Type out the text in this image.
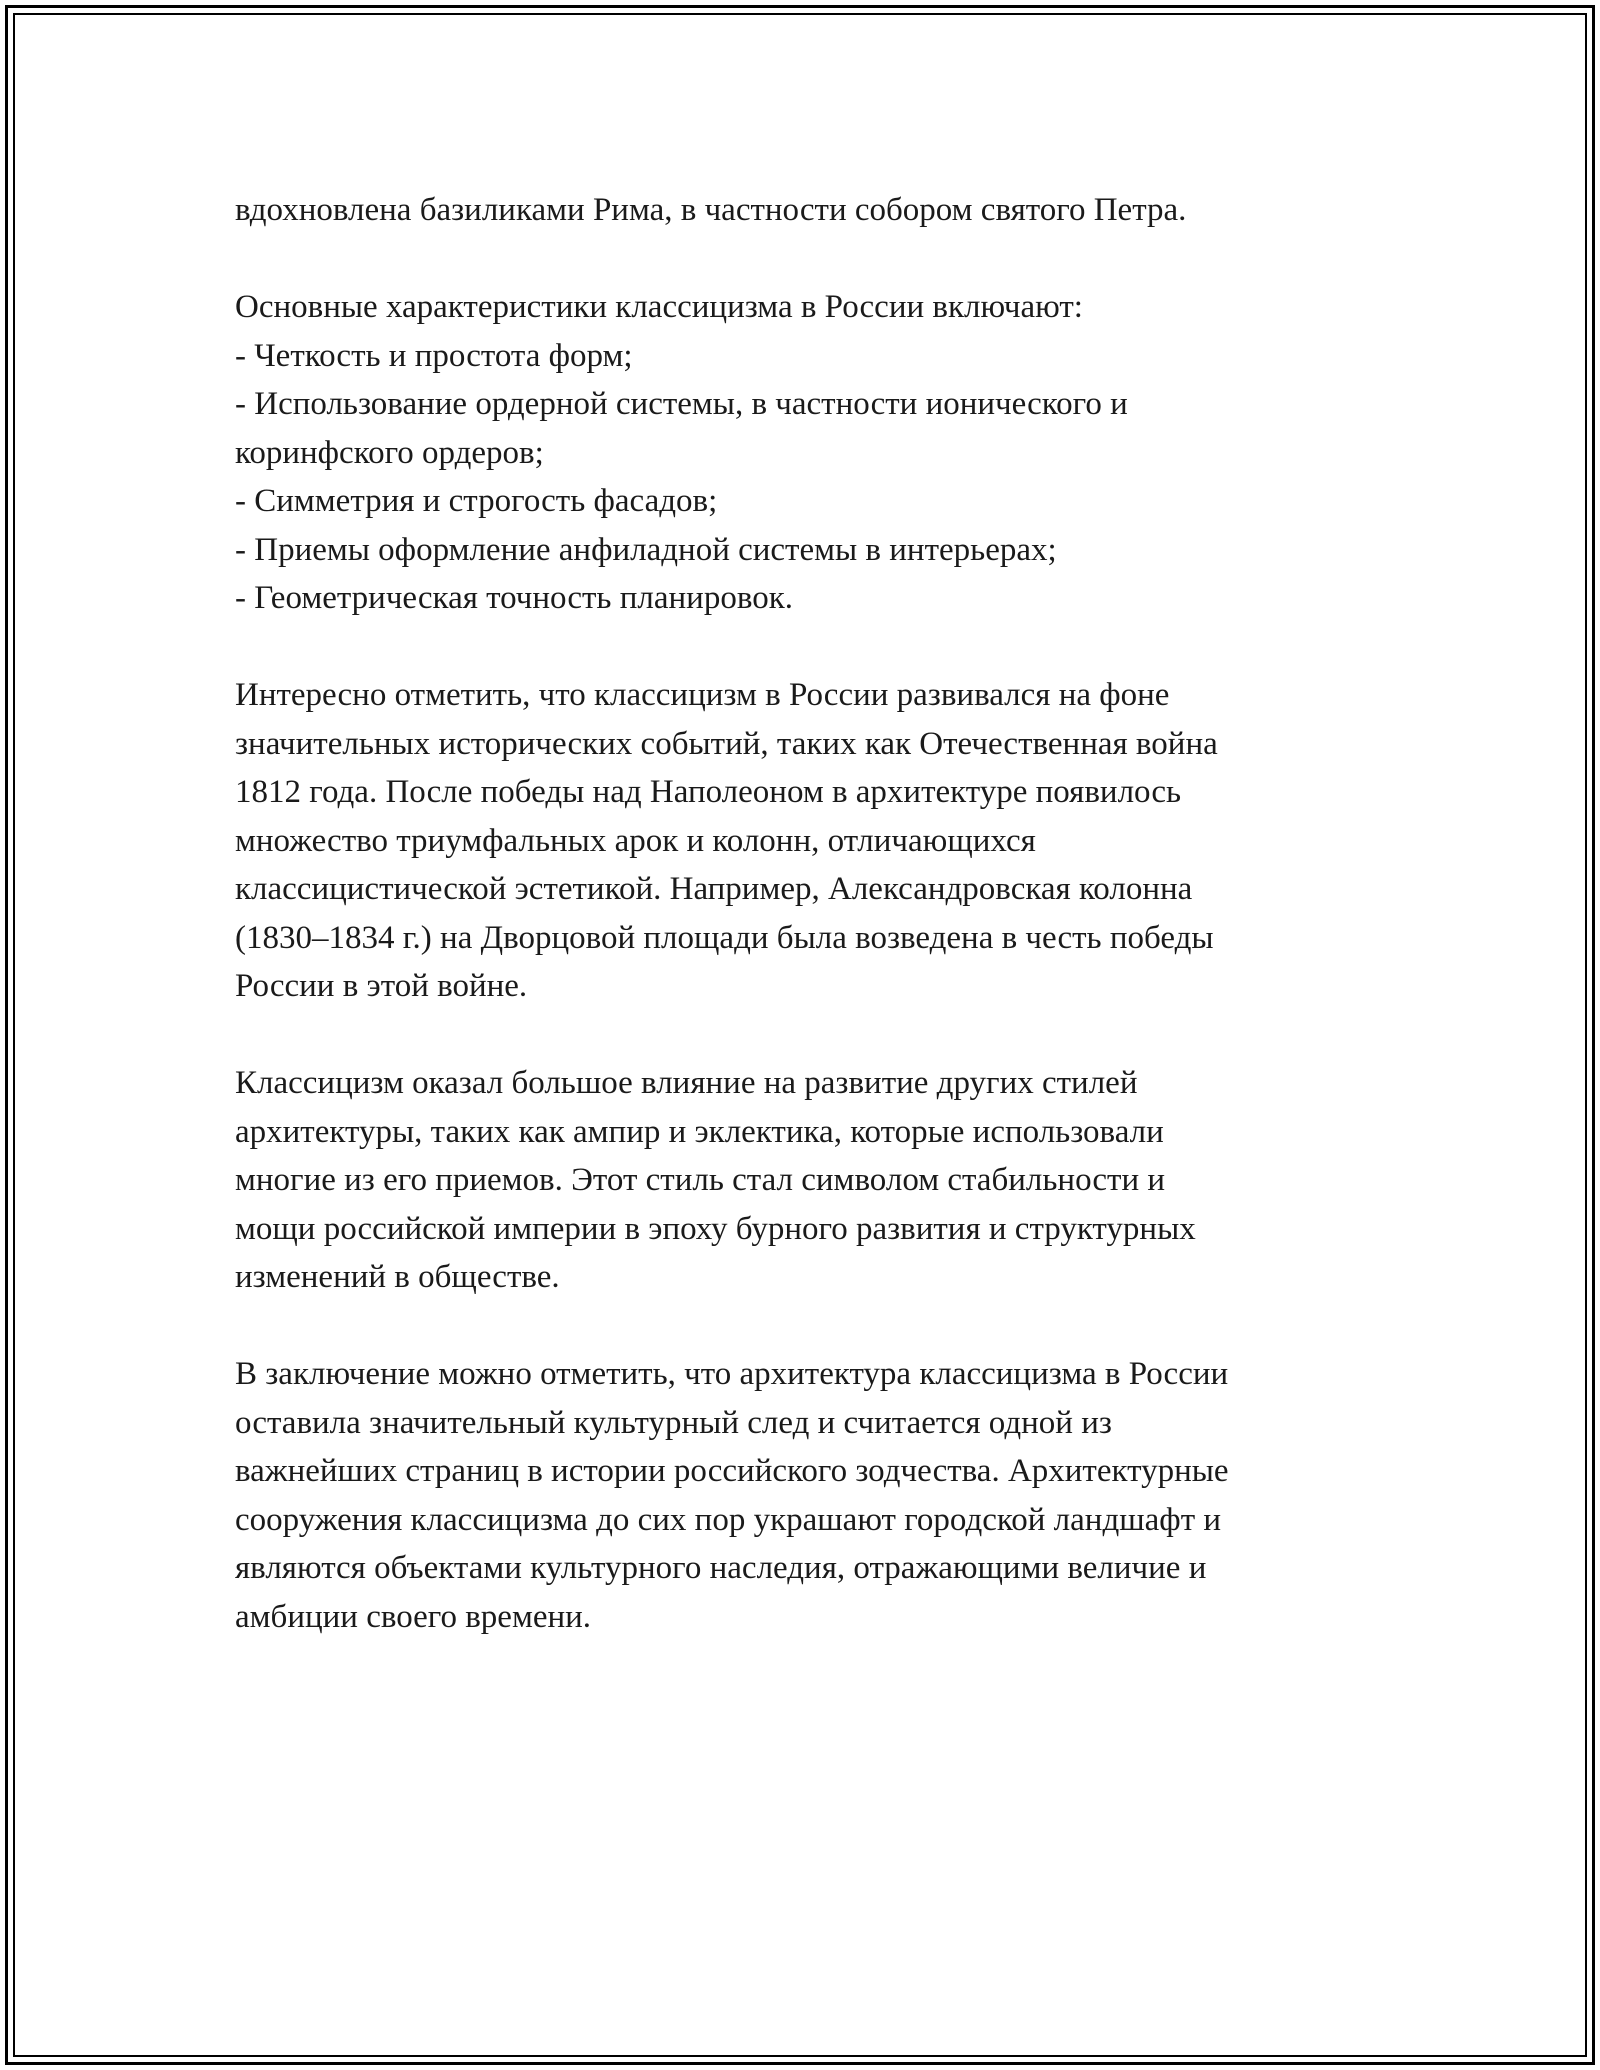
вдохновлена базиликами Рима, в частности собором святого Петра.
Основные характеристики классицизма в России включают:
- Четкость и простота форм;
- Использование ордерной системы, в частности ионического и
коринфского ордеров;
- Симметрия и строгость фасадов;
- Приемы оформление анфиладной системы в интерьерах;
- Геометрическая точность планировок.
Интересно отметить, что классицизм в России развивался на фоне
значительных исторических событий, таких как Отечественная война
1812 года. После победы над Наполеоном в архитектуре появилось
множество триумфальных арок и колонн, отличающихся
классицистической эстетикой. Например, Александровская колонна
(1830–1834 г.) на Дворцовой площади была возведена в честь победы
России в этой войне.
Классицизм оказал большое влияние на развитие других стилей
архитектуры, таких как ампир и эклектика, которые использовали
многие из его приемов. Этот стиль стал символом стабильности и
мощи российской империи в эпоху бурного развития и структурных
изменений в обществе.
В заключение можно отметить, что архитектура классицизма в России
оставила значительный культурный след и считается одной из
важнейших страниц в истории российского зодчества. Архитектурные
сооружения классицизма до сих пор украшают городской ландшафт и
являются объектами культурного наследия, отражающими величие и
амбиции своего времени.
